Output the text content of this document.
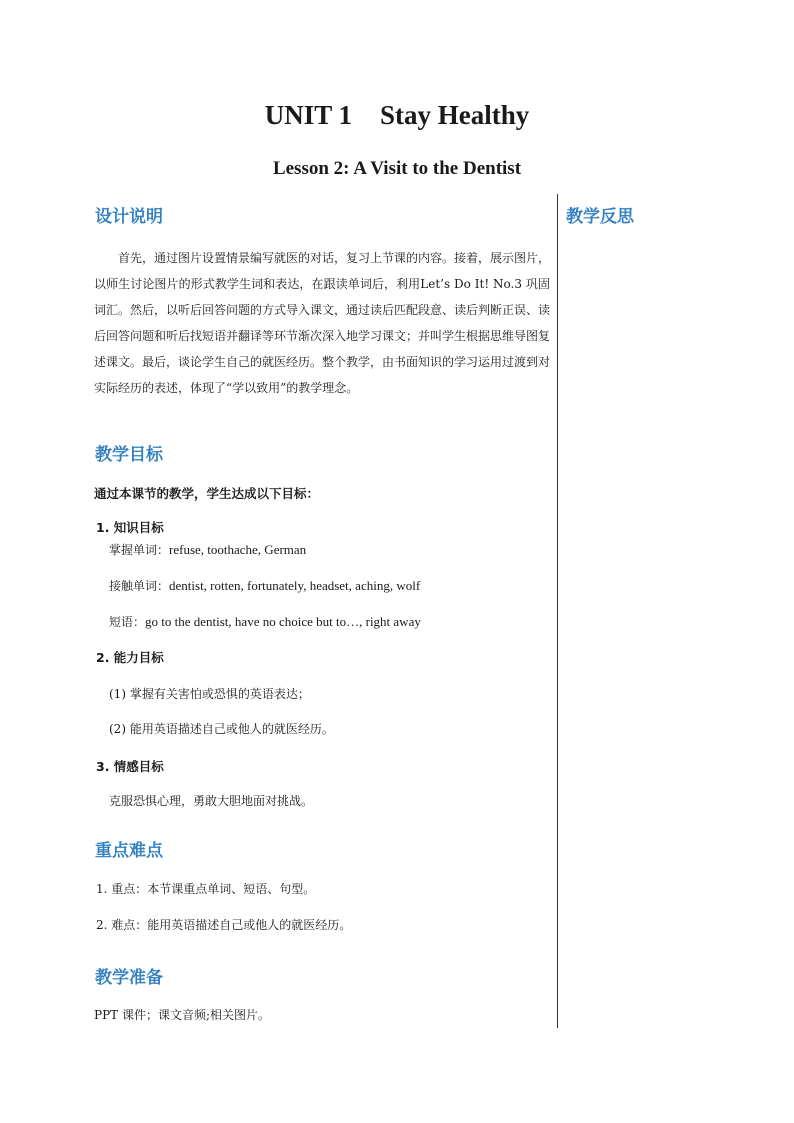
UNIT 1 Stay Healthy
Lesson 2: A Visit to the Dentist
教学反思
设计说明
首先，通过图片设置情景编写就医的对话，复习上节课的内容。接着，展示图片，以师生讨论图片的形式教学生词和表达，在跟读单词后，利用Let’s Do It! No.3 巩固词汇。然后，以听后回答问题的方式导入课文，通过读后匹配段意、读后判断正误、读后回答问题和听后找短语并翻译等环节渐次深入地学习课文；并叫学生根据思维导图复述课文。最后，谈论学生自己的就医经历。整个教学，由书面知识的学习运用过渡到对实际经历的表述，体现了“学以致用”的教学理念。
教学目标
通过本课节的教学，学生达成以下目标：
1. 知识目标
掌握单词：refuse, toothache, German
接触单词：dentist, rotten, fortunately, headset, aching, wolf
短语：go to the dentist, have no choice but to…, right away
2. 能力目标
(1) 掌握有关害怕或恐惧的英语表达；
(2) 能用英语描述自己或他人的就医经历。
3. 情感目标
克服恐惧心理，勇敢大胆地面对挑战。
重点难点
1. 重点：本节课重点单词、短语、句型。
2. 难点：能用英语描述自己或他人的就医经历。
教学准备
PPT 课件；课文音频;相关图片。
